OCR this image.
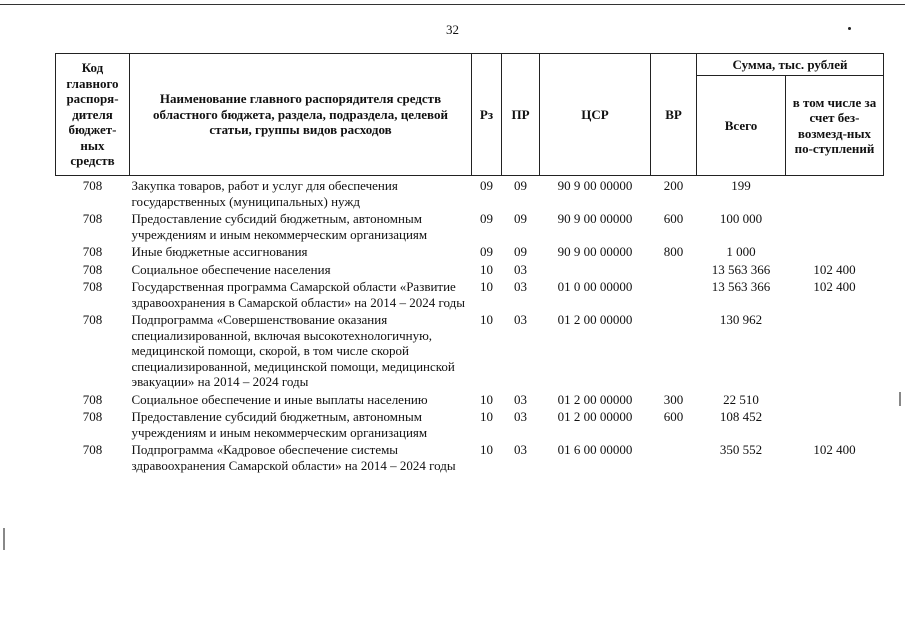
32
Код главного распоря-дителя бюджет-ных средств	Наименование главного распорядителя средств областного бюджета, раздела, подраздела, целевой статьи, группы видов расходов	Рз	ПР	ЦСР	ВР	Сумма, тыс. рублей	
						Всего	в том числе за счет без-возмезд-ных по-ступлений
708	Закупка товаров, работ и услуг для обеспечения государственных (муниципальных) нужд	09	09	90 9 00 00000	200	199	
708	Предоставление субсидий бюджетным, автономным учреждениям и иным некоммерческим организациям	09	09	90 9 00 00000	600	100 000	
708	Иные бюджетные ассигнования	09	09	90 9 00 00000	800	1 000	
708	Социальное обеспечение населения	10	03			13 563 366	102 400
708	Государственная программа Самарской области «Развитие здравоохранения в Самарской области» на 2014 – 2024 годы	10	03	01 0 00 00000		13 563 366	102 400
708	Подпрограмма «Совершенствование оказания специализированной, включая высокотехнологичную, медицинской помощи, скорой, в том числе скорой специализированной, медицинской помощи, медицинской эвакуации» на 2014 – 2024 годы	10	03	01 2 00 00000		130 962	
708	Социальное обеспечение и иные выплаты населению	10	03	01 2 00 00000	300	22 510	
708	Предоставление субсидий бюджетным, автономным учреждениям и иным некоммерческим организациям	10	03	01 2 00 00000	600	108 452	
708	Подпрограмма «Кадровое обеспечение системы здравоохранения Самарской области» на 2014 – 2024 годы	10	03	01 6 00 00000		350 552	102 400
